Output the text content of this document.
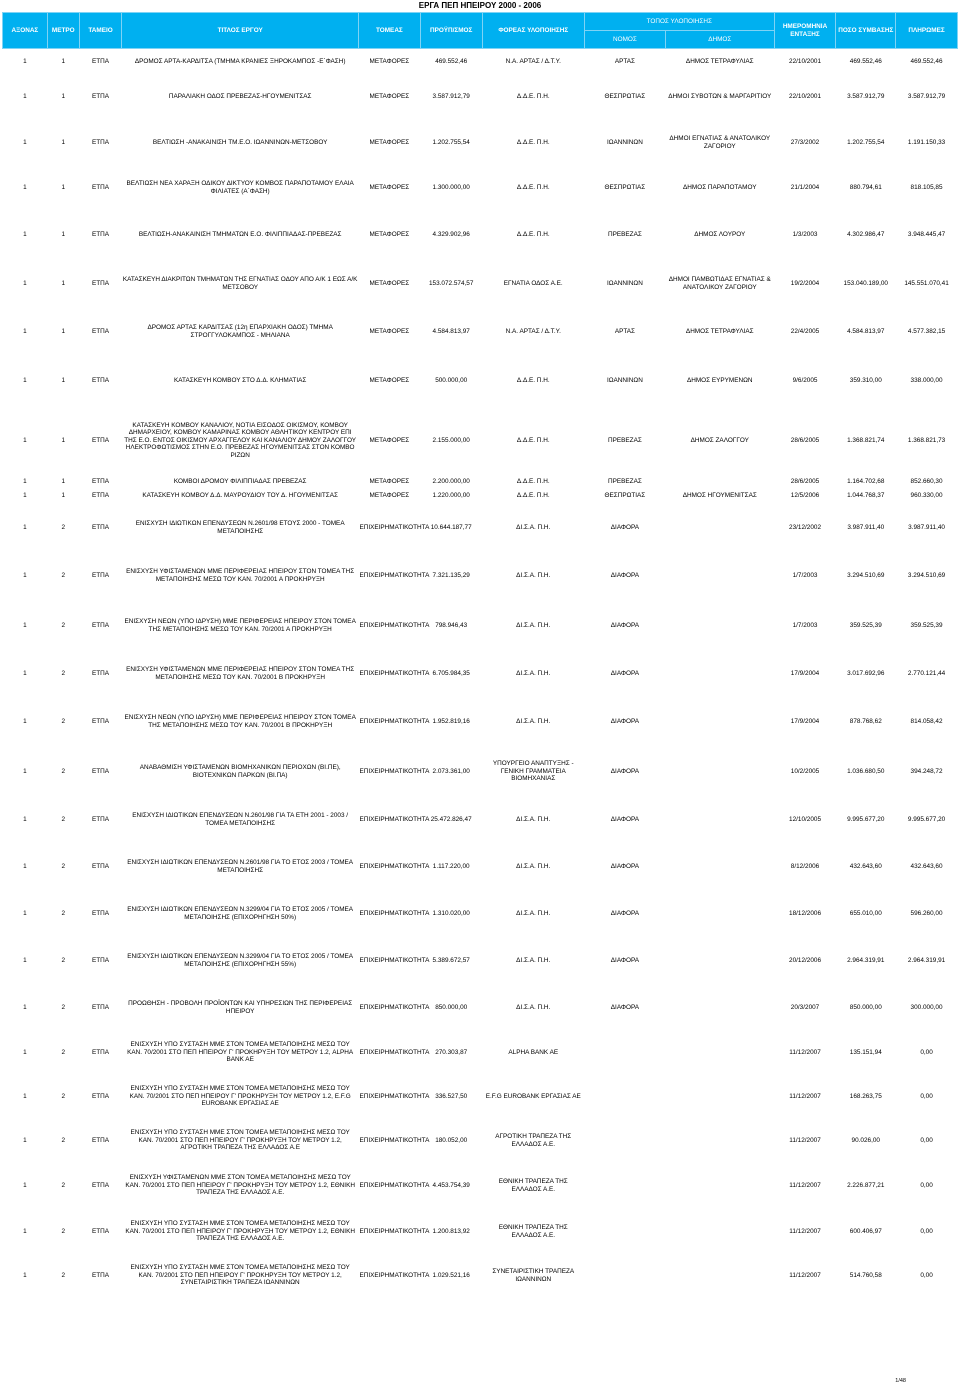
ΕΡΓΑ ΠΕΠ ΗΠΕΙΡΟΥ 2000 - 2006
ΑΞΟΝΑΣ	ΜΕΤΡΟ	ΤΑΜΕΙΟ	ΤΙΤΛΟΣ ΕΡΓΟΥ	ΤΟΜΕΑΣ	ΠΡΟΫΠ/ΣΜΟΣ	ΦΟΡΕΑΣ ΥΛΟΠΟΙΗΣΗΣ	ΤΟΠΟΣ ΥΛΟΠΟΙΗΣΗΣ		ΗΜΕΡΟΜΗΝΙΑ ΕΝΤΑΞΗΣ	ΠΟΣΟ ΣΥΜΒΑΣΗΣ	ΠΛΗΡΩΜΕΣ
							ΝΟΜΟΣ	ΔΗΜΟΣ			
1	1	ΕΤΠΑ	ΔΡΟΜΟΣ ΑΡΤΑ-ΚΑΡΔΙΤΣΑ (ΤΜΗΜΑ ΚΡΑΝΙΕΣ ΞΗΡΟΚΑΜΠΟΣ -Ε΄ΦΑΣΗ)	ΜΕΤΑΦΟΡΕΣ	469.552,46	Ν.Α. ΑΡΤΑΣ / Δ.Τ.Υ.	ΑΡΤΑΣ	ΔΗΜΟΣ ΤΕΤΡΑΦΥΛΙΑΣ	22/10/2001	469.552,46	469.552,46
1	1	ΕΤΠΑ	ΠΑΡΑΛΙΑΚΗ ΟΔΟΣ ΠΡΕΒΕΖΑΣ-ΗΓΟΥΜΕΝΙΤΣΑΣ	ΜΕΤΑΦΟΡΕΣ	3.587.912,79	Δ.Δ.Ε. Π.Η.	ΘΕΣΠΡΩΤΙΑΣ	ΔΗΜΟΙ ΣΥΒΟΤΩΝ & ΜΑΡΓΑΡΙΤΙΟΥ	22/10/2001	3.587.912,79	3.587.912,79
1	1	ΕΤΠΑ	ΒΕΛΤΙΩΣΗ -ΑΝΑΚΑΙΝΙΣΗ ΤΜ.Ε.Ο. ΙΩΑΝΝΙΝΩΝ-ΜΕΤΣΟΒΟΥ	ΜΕΤΑΦΟΡΕΣ	1.202.755,54	Δ.Δ.Ε. Π.Η.	ΙΩΑΝΝΙΝΩΝ	ΔΗΜΟΙ ΕΓΝΑΤΙΑΣ & ΑΝΑΤΟΛΙΚΟΥ ΖΑΓΟΡΙΟΥ	27/3/2002	1.202.755,54	1.191.150,33
1	1	ΕΤΠΑ	ΒΕΛΤΙΩΣΗ ΝΕΑ ΧΑΡΑΞΗ ΟΔΙΚΟΥ ΔΙΚΤΥΟΥ ΚΟΜΒΟΣ ΠΑΡΑΠΟΤΑΜΟΥ ΕΛΑΙΑ ΦΙΛΙΑΤΕΣ (Α΄ΦΑΣΗ)	ΜΕΤΑΦΟΡΕΣ	1.300.000,00	Δ.Δ.Ε. Π.Η.	ΘΕΣΠΡΩΤΙΑΣ	ΔΗΜΟΣ ΠΑΡΑΠΟΤΑΜΟΥ	21/1/2004	880.794,61	818.105,85
1	1	ΕΤΠΑ	ΒΕΛΤΙΩΣΗ-ΑΝΑΚΑΙΝΙΣΗ ΤΜΗΜΑΤΩΝ Ε.Ο. ΦΙΛΙΠΠΙΑΔΑΣ-ΠΡΕΒΕΖΑΣ	ΜΕΤΑΦΟΡΕΣ	4.329.902,96	Δ.Δ.Ε. Π.Η.	ΠΡΕΒΕΖΑΣ	ΔΗΜΟΣ ΛΟΥΡΟΥ	1/3/2003	4.302.986,47	3.948.445,47
1	1	ΕΤΠΑ	ΚΑΤΑΣΚΕΥΗ ΔΙΑΚΡΙΤΩΝ ΤΜΗΜΑΤΩΝ ΤΗΣ ΕΓΝΑΤΙΑΣ ΟΔΟΥ ΑΠΟ Α/Κ 1 ΕΩΣ Α/Κ ΜΕΤΣΟΒΟΥ	ΜΕΤΑΦΟΡΕΣ	153.072.574,57	ΕΓΝΑΤΙΑ ΟΔΟΣ Α.Ε.	ΙΩΑΝΝΙΝΩΝ	ΔΗΜΟΙ ΠΑΜΒΩΤΙΔΑΣ ΕΓΝΑΤΙΑΣ & ΑΝΑΤΟΛΙΚΟΥ ΖΑΓΟΡΙΟΥ	19/2/2004	153.040.189,00	145.551.070,41
1	1	ΕΤΠΑ	ΔΡΟΜΟΣ ΑΡΤΑΣ ΚΑΡΔΙΤΣΑΣ (12η ΕΠΑΡΧΙΑΚΗ ΟΔΟΣ) ΤΜΗΜΑ ΣΤΡΟΓΓΥΛΟΚΑΜΠΟΣ - ΜΗΛΙΑΝΑ	ΜΕΤΑΦΟΡΕΣ	4.584.813,97	Ν.Α. ΑΡΤΑΣ / Δ.Τ.Υ.	ΑΡΤΑΣ	ΔΗΜΟΣ ΤΕΤΡΑΦΥΛΙΑΣ	22/4/2005	4.584.813,97	4.577.382,15
1	1	ΕΤΠΑ	ΚΑΤΑΣΚΕΥΗ ΚΟΜΒΟΥ ΣΤΟ Δ.Δ. ΚΛΗΜΑΤΙΑΣ	ΜΕΤΑΦΟΡΕΣ	500.000,00	Δ.Δ.Ε. Π.Η.	ΙΩΑΝΝΙΝΩΝ	ΔΗΜΟΣ ΕΥΡΥΜΕΝΩΝ	9/6/2005	359.310,00	338.000,00
1	1	ΕΤΠΑ	ΚΑΤΑΣΚΕΥΗ ΚΟΜΒΟΥ ΚΑΝΑΛΙΟΥ, ΝΟΤΙΑ ΕΙΣΟΔΟΣ ΟΙΚΙΣΜΟΥ, ΚΟΜΒΟΥ ΔΗΜΑΡΧΕΙΟΥ, ΚΟΜΒΟΥ ΚΑΜΑΡΙΝΑΣ ΚΟΜΒΟΥ ΑΘΛΗΤΙΚΟΥ ΚΕΝΤΡΟΥ ΕΠΙ ΤΗΣ Ε.Ο. ΕΝΤΟΣ ΟΙΚΙΣΜΟΥ ΑΡΧΑΓΓΕΛΟΥ ΚΑΙ ΚΑΝΑΛΙΟΥ ΔΗΜΟΥ ΖΑΛΟΓΓΟΥ ΗΛΕΚΤΡΟΦΩΤΙΣΜΟΣ ΣΤΗΝ Ε.Ο. ΠΡΕΒΕΖΑΣ ΗΓΟΥΜΕΝΙΤΣΑΣ ΣΤΟΝ ΚΟΜΒΟ ΡΙΖΩΝ	ΜΕΤΑΦΟΡΕΣ	2.155.000,00	Δ.Δ.Ε. Π.Η.	ΠΡΕΒΕΖΑΣ	ΔΗΜΟΣ ΖΑΛΟΓΓΟΥ	28/6/2005	1.368.821,74	1.368.821,73
1	1	ΕΤΠΑ	ΚΟΜΒΟΙ ΔΡΟΜΟΥ ΦΙΛΙΠΠΙΑΔΑΣ ΠΡΕΒΕΖΑΣ	ΜΕΤΑΦΟΡΕΣ	2.200.000,00	Δ.Δ.Ε. Π.Η.	ΠΡΕΒΕΖΑΣ		28/6/2005	1.164.702,68	852.660,30
1	1	ΕΤΠΑ	ΚΑΤΑΣΚΕΥΗ ΚΟΜΒΟΥ Δ.Δ. ΜΑΥΡΟΥΔΙΟΥ ΤΟΥ Δ. ΗΓΟΥΜΕΝΙΤΣΑΣ	ΜΕΤΑΦΟΡΕΣ	1.220.000,00	Δ.Δ.Ε. Π.Η.	ΘΕΣΠΡΩΤΙΑΣ	ΔΗΜΟΣ ΗΓΟΥΜΕΝΙΤΣΑΣ	12/5/2006	1.044.768,37	960.330,00
1	2	ΕΤΠΑ	ΕΝΙΣΧΥΣΗ ΙΔΙΩΤΙΚΩΝ ΕΠΕΝΔΥΣΕΩΝ Ν.2601/98 ΕΤΟΥΣ 2000 - ΤΟΜΕΑ ΜΕΤΑΠΟΙΗΣΗΣ	ΕΠΙΧΕΙΡΗΜΑΤΙΚΟΤΗΤΑ	10.644.187,77	ΔΙ.Σ.Α. Π.Η.	ΔΙΑΦΟΡΑ		23/12/2002	3.987.911,40	3.987.911,40
1	2	ΕΤΠΑ	ΕΝΙΣΧΥΣΗ ΥΦΙΣΤΑΜΕΝΩΝ ΜΜΕ ΠΕΡΙΦΕΡΕΙΑΣ ΗΠΕΙΡΟΥ ΣΤΟΝ ΤΟΜΕΑ ΤΗΣ ΜΕΤΑΠΟΙΗΣΗΣ ΜΕΣΩ ΤΟΥ ΚΑΝ. 70/2001 Α ΠΡΟΚΗΡΥΞΗ	ΕΠΙΧΕΙΡΗΜΑΤΙΚΟΤΗΤΑ	7.321.135,29	ΔΙ.Σ.Α. Π.Η.	ΔΙΑΦΟΡΑ		1/7/2003	3.294.510,69	3.294.510,69
1	2	ΕΤΠΑ	ΕΝΙΣΧΥΣΗ ΝΕΩΝ (ΥΠΟ ΙΔΡΥΣΗ) ΜΜΕ ΠΕΡΙΦΕΡΕΙΑΣ ΗΠΕΙΡΟΥ ΣΤΟΝ ΤΟΜΕΑ ΤΗΣ ΜΕΤΑΠΟΙΗΣΗΣ ΜΕΣΩ ΤΟΥ ΚΑΝ. 70/2001 Α ΠΡΟΚΗΡΥΞΗ	ΕΠΙΧΕΙΡΗΜΑΤΙΚΟΤΗΤΑ	798.946,43	ΔΙ.Σ.Α. Π.Η.	ΔΙΑΦΟΡΑ		1/7/2003	359.525,39	359.525,39
1	2	ΕΤΠΑ	ΕΝΙΣΧΥΣΗ ΥΦΙΣΤΑΜΕΝΩΝ ΜΜΕ ΠΕΡΙΦΕΡΕΙΑΣ ΗΠΕΙΡΟΥ ΣΤΟΝ ΤΟΜΕΑ ΤΗΣ ΜΕΤΑΠΟΙΗΣΗΣ ΜΕΣΩ ΤΟΥ ΚΑΝ. 70/2001 Β ΠΡΟΚΗΡΥΞΗ	ΕΠΙΧΕΙΡΗΜΑΤΙΚΟΤΗΤΑ	6.705.984,35	ΔΙ.Σ.Α. Π.Η.	ΔΙΑΦΟΡΑ		17/9/2004	3.017.692,96	2.770.121,44
1	2	ΕΤΠΑ	ΕΝΙΣΧΥΣΗ ΝΕΩΝ (ΥΠΟ ΙΔΡΥΣΗ) ΜΜΕ ΠΕΡΙΦΕΡΕΙΑΣ ΗΠΕΙΡΟΥ ΣΤΟΝ ΤΟΜΕΑ ΤΗΣ ΜΕΤΑΠΟΙΗΣΗΣ ΜΕΣΩ ΤΟΥ ΚΑΝ. 70/2001 Β ΠΡΟΚΗΡΥΞΗ	ΕΠΙΧΕΙΡΗΜΑΤΙΚΟΤΗΤΑ	1.952.819,16	ΔΙ.Σ.Α. Π.Η.	ΔΙΑΦΟΡΑ		17/9/2004	878.768,62	814.058,42
1	2	ΕΤΠΑ	ΑΝΑΒΑΘΜΙΣΗ ΥΦΙΣΤΑΜΕΝΩΝ ΒΙΟΜΗΧΑΝΙΚΩΝ ΠΕΡΙΟΧΩΝ (ΒΙ.ΠΕ), ΒΙΟΤΕΧΝΙΚΩΝ ΠΑΡΚΩΝ (ΒΙ.ΠΑ)	ΕΠΙΧΕΙΡΗΜΑΤΙΚΟΤΗΤΑ	2.073.361,00	ΥΠΟΥΡΓΕΙΟ ΑΝΑΠΤΥΞΗΣ - ΓΕΝΙΚΗ ΓΡΑΜΜΑΤΕΙΑ ΒΙΟΜΗΧΑΝΙΑΣ	ΔΙΑΦΟΡΑ		10/2/2005	1.036.680,50	394.248,72
1	2	ΕΤΠΑ	ΕΝΙΣΧΥΣΗ ΙΔΙΩΤΙΚΩΝ ΕΠΕΝΔΥΣΕΩΝ Ν.2601/98 ΓΙΑ ΤΑ ΕΤΗ 2001 - 2003 / ΤΟΜΕΑ ΜΕΤΑΠΟΙΗΣΗΣ	ΕΠΙΧΕΙΡΗΜΑΤΙΚΟΤΗΤΑ	25.472.826,47	ΔΙ.Σ.Α. Π.Η.	ΔΙΑΦΟΡΑ		12/10/2005	9.995.677,20	9.995.677,20
1	2	ΕΤΠΑ	ΕΝΙΣΧΥΣΗ ΙΔΙΩΤΙΚΩΝ ΕΠΕΝΔΥΣΕΩΝ Ν.2601/98 ΓΙΑ ΤΟ ΕΤΟΣ 2003 / ΤΟΜΕΑ ΜΕΤΑΠΟΙΗΣΗΣ	ΕΠΙΧΕΙΡΗΜΑΤΙΚΟΤΗΤΑ	1.117.220,00	ΔΙ.Σ.Α. Π.Η.	ΔΙΑΦΟΡΑ		8/12/2006	432.643,60	432.643,60
1	2	ΕΤΠΑ	ΕΝΙΣΧΥΣΗ ΙΔΙΩΤΙΚΩΝ ΕΠΕΝΔΥΣΕΩΝ Ν.3299/04 ΓΙΑ ΤΟ ΕΤΟΣ 2005 / ΤΟΜΕΑ ΜΕΤΑΠΟΙΗΣΗΣ (ΕΠΙΧΟΡΗΓΗΣΗ 50%)	ΕΠΙΧΕΙΡΗΜΑΤΙΚΟΤΗΤΑ	1.310.020,00	ΔΙ.Σ.Α. Π.Η.	ΔΙΑΦΟΡΑ		18/12/2006	655.010,00	596.260,00
1	2	ΕΤΠΑ	ΕΝΙΣΧΥΣΗ ΙΔΙΩΤΙΚΩΝ ΕΠΕΝΔΥΣΕΩΝ Ν.3299/04 ΓΙΑ ΤΟ ΕΤΟΣ 2005 / ΤΟΜΕΑ ΜΕΤΑΠΟΙΗΣΗΣ (ΕΠΙΧΟΡΗΓΗΣΗ 55%)	ΕΠΙΧΕΙΡΗΜΑΤΙΚΟΤΗΤΑ	5.389.672,57	ΔΙ.Σ.Α. Π.Η.	ΔΙΑΦΟΡΑ		20/12/2006	2.964.319,91	2.964.319,91
1	2	ΕΤΠΑ	ΠΡΟΩΘΗΣΗ - ΠΡΟΒΟΛΗ ΠΡΟΪΟΝΤΩΝ ΚΑΙ ΥΠΗΡΕΣΙΩΝ ΤΗΣ ΠΕΡΙΦΕΡΕΙΑΣ ΗΠΕΙΡΟΥ	ΕΠΙΧΕΙΡΗΜΑΤΙΚΟΤΗΤΑ	850.000,00	ΔΙ.Σ.Α. Π.Η.	ΔΙΑΦΟΡΑ		20/3/2007	850.000,00	300.000,00
1	2	ΕΤΠΑ	ΕΝΙΣΧΥΣΗ ΥΠΟ ΣΥΣΤΑΣΗ ΜΜΕ ΣΤΟΝ ΤΟΜΕΑ ΜΕΤΑΠΟΙΗΣΗΣ ΜΕΣΩ ΤΟΥ ΚΑΝ. 70/2001 ΣΤΟ ΠΕΠ ΗΠΕΙΡΟΥ Γ' ΠΡΟΚΗΡΥΞΗ ΤΟΥ ΜΕΤΡΟΥ 1.2, ALPHA BANK AE	ΕΠΙΧΕΙΡΗΜΑΤΙΚΟΤΗΤΑ	270.303,87	ALPHA BANK AE			11/12/2007	135.151,94	0,00
1	2	ΕΤΠΑ	ΕΝΙΣΧΥΣΗ ΥΠΟ ΣΥΣΤΑΣΗ ΜΜΕ ΣΤΟΝ ΤΟΜΕΑ ΜΕΤΑΠΟΙΗΣΗΣ ΜΕΣΩ ΤΟΥ ΚΑΝ. 70/2001 ΣΤΟ ΠΕΠ ΗΠΕΙΡΟΥ Γ' ΠΡΟΚΗΡΥΞΗ ΤΟΥ ΜΕΤΡΟΥ 1.2, E.F.G EUROBANK ΕΡΓΑΣΙΑΣ ΑΕ	ΕΠΙΧΕΙΡΗΜΑΤΙΚΟΤΗΤΑ	336.527,50	E.F.G EUROBANK ΕΡΓΑΣΙΑΣ ΑΕ			11/12/2007	168.263,75	0,00
1	2	ΕΤΠΑ	ΕΝΙΣΧΥΣΗ ΥΠΟ ΣΥΣΤΑΣΗ ΜΜΕ ΣΤΟΝ ΤΟΜΕΑ ΜΕΤΑΠΟΙΗΣΗΣ ΜΕΣΩ ΤΟΥ ΚΑΝ. 70/2001 ΣΤΟ ΠΕΠ ΗΠΕΙΡΟΥ Γ' ΠΡΟΚΗΡΥΞΗ ΤΟΥ ΜΕΤΡΟΥ 1.2, ΑΓΡΟΤΙΚΗ ΤΡΑΠΕΖΑ ΤΗΣ ΕΛΛΑΔΟΣ Α.Ε	ΕΠΙΧΕΙΡΗΜΑΤΙΚΟΤΗΤΑ	180.052,00	ΑΓΡΟΤΙΚΗ ΤΡΑΠΕΖΑ ΤΗΣ ΕΛΛΑΔΟΣ Α.Ε.			11/12/2007	90.026,00	0,00
1	2	ΕΤΠΑ	ΕΝΙΣΧΥΣΗ ΥΦΙΣΤΑΜΕΝΩΝ ΜΜΕ ΣΤΟΝ ΤΟΜΕΑ ΜΕΤΑΠΟΙΗΣΗΣ ΜΕΣΩ ΤΟΥ ΚΑΝ. 70/2001 ΣΤΟ ΠΕΠ ΗΠΕΙΡΟΥ Γ' ΠΡΟΚΗΡΥΞΗ ΤΟΥ ΜΕΤΡΟΥ 1.2, ΕΘΝΙΚΗ ΤΡΑΠΕΖΑ ΤΗΣ ΕΛΛΑΔΟΣ Α.Ε.	ΕΠΙΧΕΙΡΗΜΑΤΙΚΟΤΗΤΑ	4.453.754,39	ΕΘΝΙΚΗ ΤΡΑΠΕΖΑ ΤΗΣ ΕΛΛΑΔΟΣ Α.Ε.			11/12/2007	2.226.877,21	0,00
1	2	ΕΤΠΑ	ΕΝΙΣΧΥΣΗ ΥΠΟ ΣΥΣΤΑΣΗ ΜΜΕ ΣΤΟΝ ΤΟΜΕΑ ΜΕΤΑΠΟΙΗΣΗΣ ΜΕΣΩ ΤΟΥ ΚΑΝ. 70/2001 ΣΤΟ ΠΕΠ ΗΠΕΙΡΟΥ Γ' ΠΡΟΚΗΡΥΞΗ ΤΟΥ ΜΕΤΡΟΥ 1.2, ΕΘΝΙΚΗ ΤΡΑΠΕΖΑ ΤΗΣ ΕΛΛΑΔΟΣ Α.Ε.	ΕΠΙΧΕΙΡΗΜΑΤΙΚΟΤΗΤΑ	1.200.813,92	ΕΘΝΙΚΗ ΤΡΑΠΕΖΑ ΤΗΣ ΕΛΛΑΔΟΣ Α.Ε.			11/12/2007	600.406,97	0,00
1	2	ΕΤΠΑ	ΕΝΙΣΧΥΣΗ ΥΠΟ ΣΥΣΤΑΣΗ ΜΜΕ ΣΤΟΝ ΤΟΜΕΑ ΜΕΤΑΠΟΙΗΣΗΣ ΜΕΣΩ ΤΟΥ ΚΑΝ. 70/2001 ΣΤΟ ΠΕΠ ΗΠΕΙΡΟΥ Γ' ΠΡΟΚΗΡΥΞΗ ΤΟΥ ΜΕΤΡΟΥ 1.2, ΣΥΝΕΤΑΙΡΙΣΤΙΚΗ ΤΡΑΠΕΖΑ ΙΩΑΝΝΙΝΩΝ	ΕΠΙΧΕΙΡΗΜΑΤΙΚΟΤΗΤΑ	1.029.521,16	ΣΥΝΕΤΑΙΡΙΣΤΙΚΗ ΤΡΑΠΕΖΑ ΙΩΑΝΝΙΝΩΝ			11/12/2007	514.760,58	0,00
1/48
